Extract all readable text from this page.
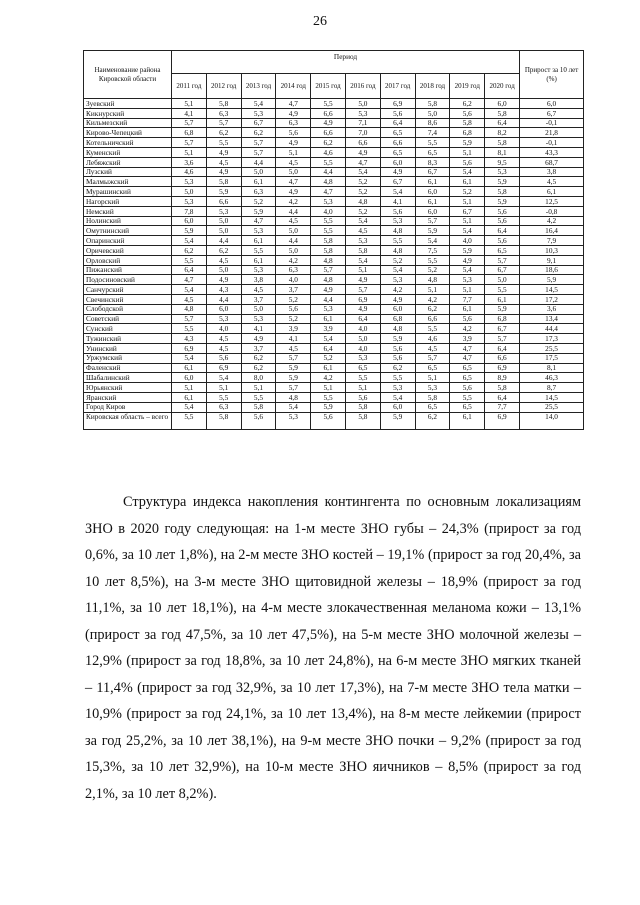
26
Наименование района Кировской области	Период										Прирост за 10 лет (%)
	2011 год	2012 год	2013 год	2014 год	2015 год	2016 год	2017 год	2018 год	2019 год	2020 год	
Зуевский	5,1	5,8	5,4	4,7	5,5	5,0	6,9	5,8	6,2	6,0	6,0
Кикнурский	4,1	6,3	5,3	4,9	6,6	5,3	5,6	5,0	5,6	5,8	6,7
Кильмезский	5,7	5,7	6,7	6,3	4,9	7,1	6,4	8,6	5,8	6,4	-0,1
Кирово-Чепецкий	6,8	6,2	6,2	5,6	6,6	7,0	6,5	7,4	6,8	8,2	21,8
Котельничский	5,7	5,5	5,7	4,9	6,2	6,6	6,6	5,5	5,9	5,8	-0,1
Куменский	5,1	4,9	5,7	5,1	4,6	4,9	6,5	6,5	5,1	8,1	43,3
Лебяжский	3,6	4,5	4,4	4,5	5,5	4,7	6,0	8,3	5,6	9,5	68,7
Лузский	4,6	4,9	5,0	5,0	4,4	5,4	4,9	6,7	5,4	5,3	3,8
Малмыжский	5,3	5,8	6,1	4,7	4,8	5,2	6,7	6,1	6,1	5,9	4,5
Мурашинский	5,0	5,9	6,3	4,9	4,7	5,2	5,4	6,0	5,2	5,8	6,1
Нагорский	5,3	6,6	5,2	4,2	5,3	4,8	4,1	6,1	5,1	5,9	12,5
Немский	7,8	5,3	5,9	4,4	4,0	5,2	5,6	6,0	6,7	5,6	-0,8
Нолинский	6,0	5,0	4,7	4,5	5,5	5,4	5,3	5,7	5,1	5,6	4,2
Омутнинский	5,9	5,0	5,3	5,0	5,5	4,5	4,8	5,9	5,4	6,4	16,4
Опаринский	5,4	4,4	6,1	4,4	5,8	5,3	5,5	5,4	4,0	5,6	7,9
Оричевский	6,2	6,2	5,5	5,0	5,8	5,8	4,8	7,5	5,9	6,5	10,3
Орловский	5,5	4,5	6,1	4,2	4,8	5,4	5,2	5,5	4,9	5,7	9,1
Пижанский	6,4	5,0	5,3	6,3	5,7	5,1	5,4	5,2	5,4	6,7	18,6
Подосиновский	4,7	4,9	3,8	4,0	4,8	4,9	5,3	4,8	5,3	5,0	5,9
Санчурский	5,4	4,3	4,5	3,7	4,9	5,7	4,2	5,1	5,1	5,5	14,5
Свечинский	4,5	4,4	3,7	5,2	4,4	6,9	4,9	4,2	7,7	6,1	17,2
Слободской	4,8	6,0	5,0	5,6	5,3	4,9	6,0	6,2	6,1	5,9	3,6
Советский	5,7	5,3	5,3	5,2	6,1	6,4	6,8	6,6	5,6	6,8	13,4
Сунский	5,5	4,0	4,1	3,9	3,9	4,0	4,8	5,5	4,2	6,7	44,4
Тужинский	4,3	4,5	4,9	4,1	5,4	5,0	5,9	4,6	3,9	5,7	17,3
Унинский	6,9	4,5	3,7	4,5	6,4	4,0	5,6	4,5	4,7	6,4	25,5
Уржумский	5,4	5,6	6,2	5,7	5,2	5,3	5,6	5,7	4,7	6,6	17,5
Фаленский	6,1	6,9	6,2	5,9	6,1	6,5	6,2	6,5	6,5	6,9	8,1
Шабалинский	6,0	5,4	8,0	5,9	4,2	5,5	5,5	5,1	6,5	8,9	46,3
Юрьянский	5,1	5,1	5,1	5,7	5,1	5,1	5,3	5,3	5,6	5,8	8,7
Яранский	6,1	5,5	5,5	4,8	5,5	5,6	5,4	5,8	5,5	6,4	14,5
Город Киров	5,4	6,3	5,8	5,4	5,9	5,8	6,0	6,5	6,5	7,7	25,5
Кировская область – всего	5,5	5,8	5,6	5,3	5,6	5,8	5,9	6,2	6,1	6,9	14,0

Структура индекса накопления контингента по основным локализациям ЗНО в 2020 году следующая: на 1-м месте ЗНО губы – 24,3% (прирост за год 0,6%, за 10 лет 1,8%), на 2-м месте ЗНО костей – 19,1% (прирост за год 20,4%, за 10 лет 8,5%), на 3-м месте ЗНО щитовидной железы – 18,9% (прирост за год 11,1%, за 10 лет 18,1%), на 4-м месте злокачественная меланома кожи – 13,1% (прирост за год 47,5%, за 10 лет 47,5%), на 5-м месте ЗНО молочной железы – 12,9% (прирост за год 18,8%, за 10 лет 24,8%), на 6-м месте ЗНО мягких тканей – 11,4% (прирост за год 32,9%, за 10 лет 17,3%), на 7-м месте ЗНО тела матки – 10,9% (прирост за год 24,1%, за 10 лет 13,4%), на 8-м месте лейкемии (прирост за год 25,2%, за 10 лет 38,1%), на 9-м месте ЗНО почки – 9,2% (прирост за год 15,3%, за 10 лет 32,9%), на 10-м месте ЗНО яичников – 8,5% (прирост за год 2,1%, за 10 лет 8,2%).
